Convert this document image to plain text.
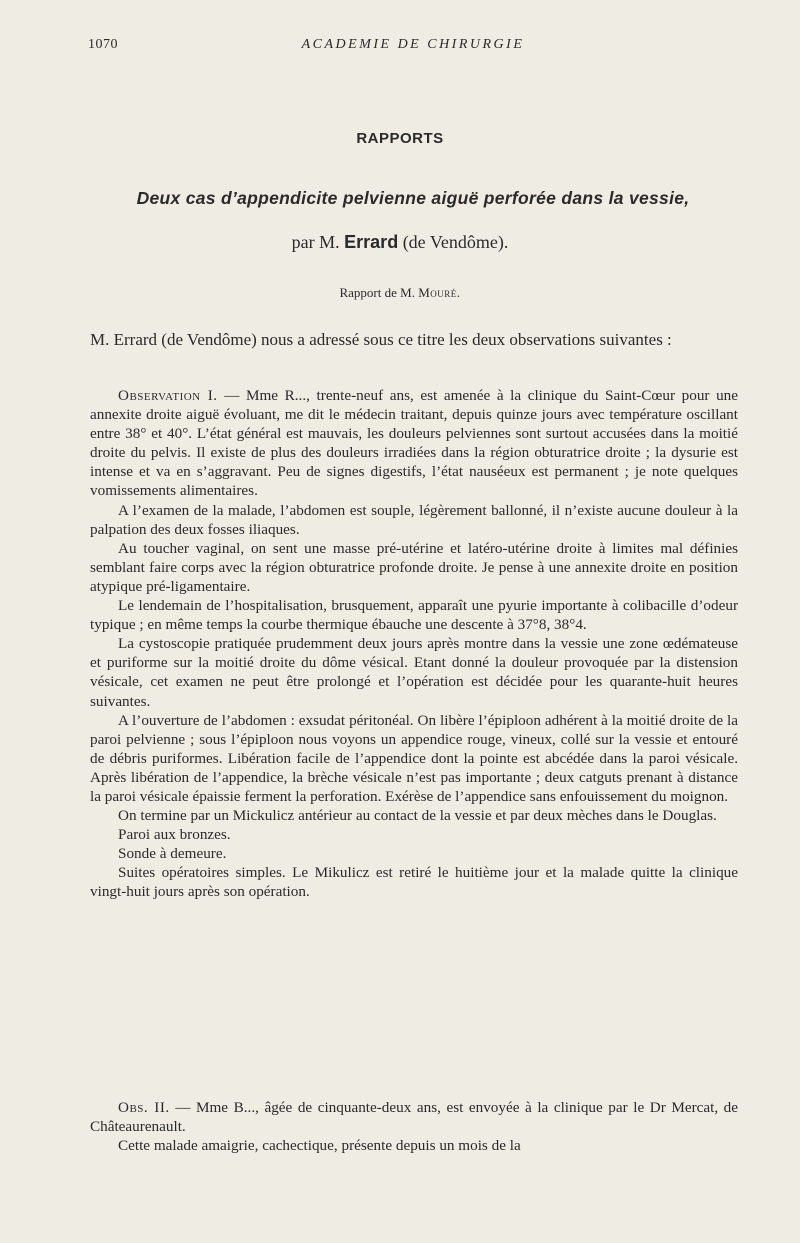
1070	ACADEMIE DE CHIRURGIE
RAPPORTS
Deux cas d’appendicite pelvienne aiguë perforée dans la vessie,
par M. Errard (de Vendôme).
Rapport de M. Mouré.

M. Errard (de Vendôme) nous a adressé sous ce titre les deux observations suivantes :

Observation I. — Mme R..., trente-neuf ans, est amenée à la clinique du Saint-Cœur pour une annexite droite aiguë évoluant, me dit le médecin traitant, depuis quinze jours avec température oscillant entre 38° et 40°. L’état général est mauvais, les douleurs pelviennes sont surtout accusées dans la moitié droite du pelvis. Il existe de plus des douleurs irradiées dans la région obturatrice droite ; la dysurie est intense et va en s’aggravant. Peu de signes digestifs, l’état nauséeux est permanent ; je note quelques vomissements alimentaires.

A l’examen de la malade, l’abdomen est souple, légèrement ballonné, il n’existe aucune douleur à la palpation des deux fosses iliaques.

Au toucher vaginal, on sent une masse pré-utérine et latéro-utérine droite à limites mal définies semblant faire corps avec la région obturatrice profonde droite. Je pense à une annexite droite en position atypique pré-ligamentaire.

Le lendemain de l’hospitalisation, brusquement, apparaît une pyurie importante à colibacille d’odeur typique ; en même temps la courbe thermique ébauche une descente à 37°8, 38°4.

La cystoscopie pratiquée prudemment deux jours après montre dans la vessie une zone œdémateuse et puriforme sur la moitié droite du dôme vésical. Etant donné la douleur provoquée par la distension vésicale, cet examen ne peut être prolongé et l’opération est décidée pour les quarante-huit heures suivantes.

A l’ouverture de l’abdomen : exsudat péritonéal. On libère l’épiploon adhérent à la moitié droite de la paroi pelvienne ; sous l’épiploon nous voyons un appendice rouge, vineux, collé sur la vessie et entouré de débris puriformes. Libération facile de l’appendice dont la pointe est abcédée dans la paroi vésicale. Après libération de l’appendice, la brèche vésicale n’est pas importante ; deux catguts prenant à distance la paroi vésicale épaissie ferment la perforation. Exérèse de l’appendice sans enfouissement du moignon.

On termine par un Mickulicz antérieur au contact de la vessie et par deux mèches dans le Douglas.

Paroi aux bronzes.

Sonde à demeure.

Suites opératoires simples. Le Mikulicz est retiré le huitième jour et la malade quitte la clinique vingt-huit jours après son opération.

Obs. II. — Mme B..., âgée de cinquante-deux ans, est envoyée à la clinique par le Dr Mercat, de Châteaurenault.

Cette malade amaigrie, cachectique, présente depuis un mois de la
